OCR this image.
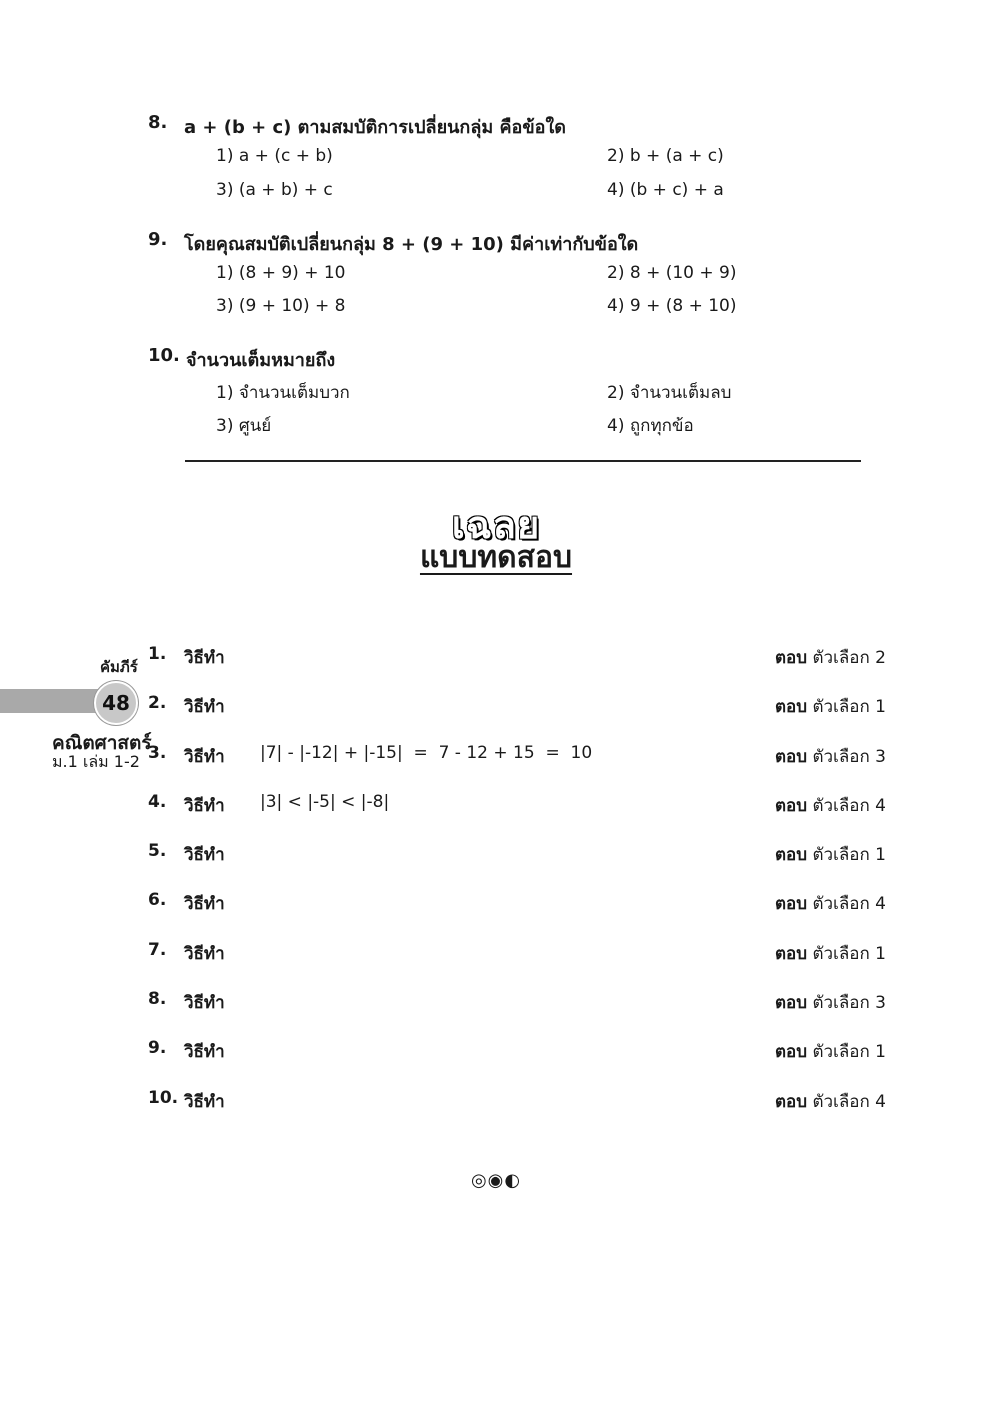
8. a + (b + c) ตามสมบัติการเปลี่ยนกลุ่ม คือข้อใด
1) a + (c + b)	2) b + (a + c)
3) (a + b) + c	4) (b + c) + a
9. โดยคุณสมบัติเปลี่ยนกลุ่ม 8 + (9 + 10) มีค่าเท่ากับข้อใด
1) (8 + 9) + 10	2) 8 + (10 + 9)
3) (9 + 10) + 8	4) 9 + (8 + 10)
10. จำนวนเต็มหมายถึง
1) จำนวนเต็มบวก	2) จำนวนเต็มลบ
3) ศูนย์	4) ถูกทุกข้อ
เฉลย
แบบทดสอบ
1. วิธีทำ	ตอบ ตัวเลือก 2
2. วิธีทำ	ตอบ ตัวเลือก 1
3. วิธีทำ |7| - |-12| + |-15|  =  7 - 12 + 15  =  10	ตอบ ตัวเลือก 3
4. วิธีทำ |3| < |-5| < |-8|	ตอบ ตัวเลือก 4
5. วิธีทำ	ตอบ ตัวเลือก 1
6. วิธีทำ	ตอบ ตัวเลือก 4
7. วิธีทำ	ตอบ ตัวเลือก 1
8. วิธีทำ	ตอบ ตัวเลือก 3
9. วิธีทำ	ตอบ ตัวเลือก 1
10. วิธีทำ	ตอบ ตัวเลือก 4
คัมภีร์
48
คณิตศาสตร์
ม.1 เล่ม 1-2
◎◉◐
